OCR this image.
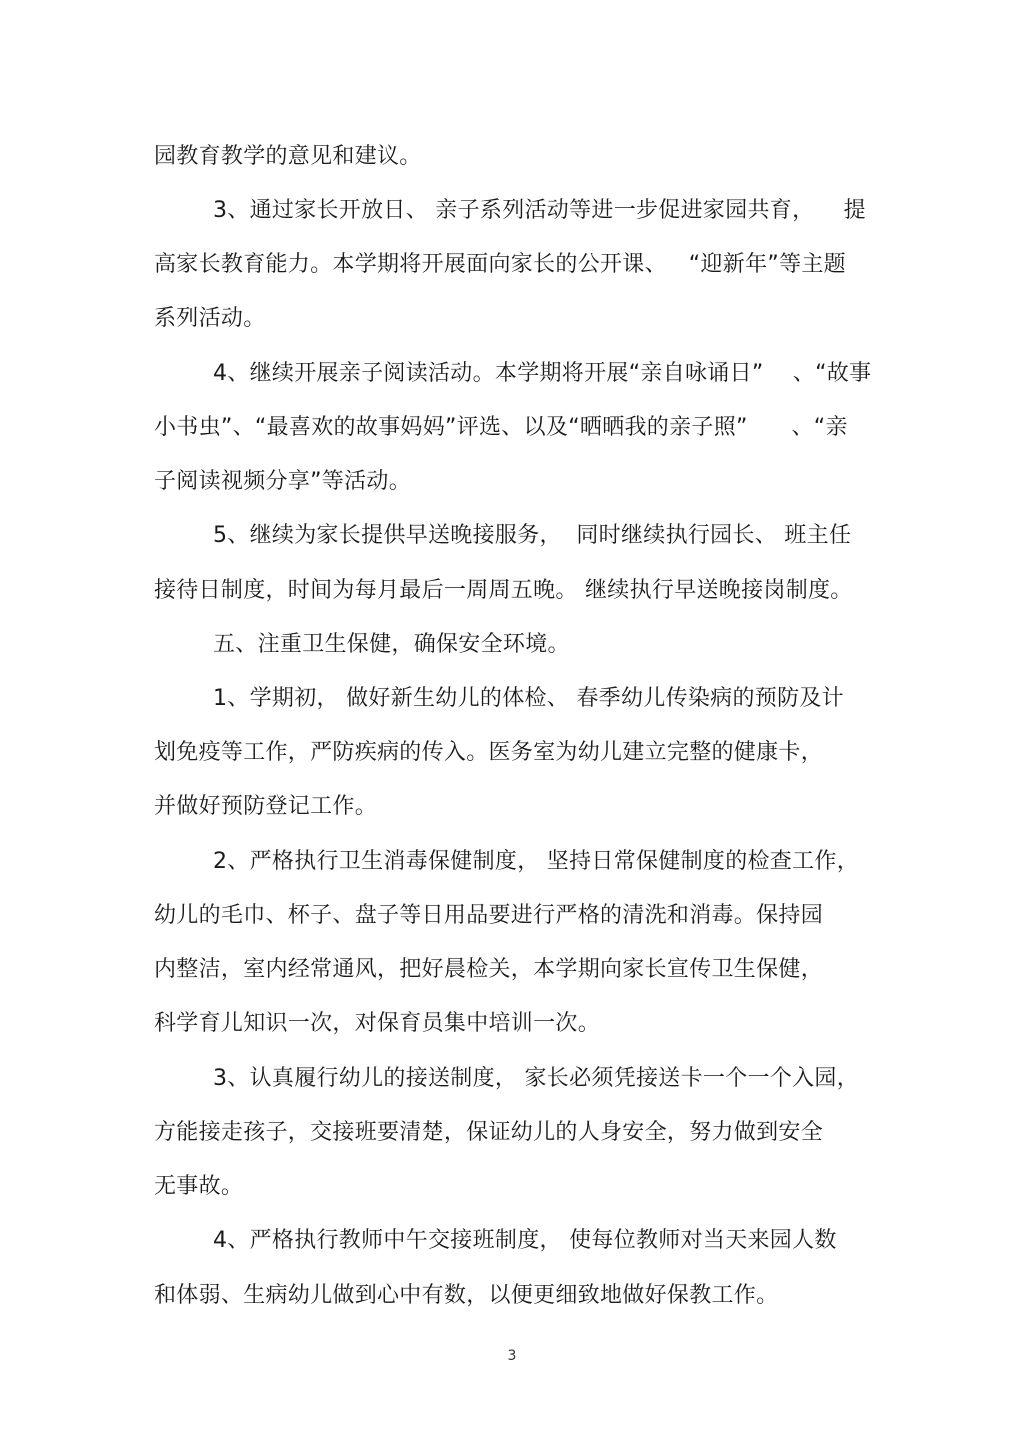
园教育教学的意见和建议。
3、通过家长开放日、 亲子系列活动等进一步促进家园共育，    提
高家长教育能力。本学期将开展面向家长的公开课、   “迎新年”等主题
系列活动。
4、继续开展亲子阅读活动。本学期将开展“亲自咏诵日”    、“故事
小书虫”、“最喜欢的故事妈妈”评选、以及“晒晒我的亲子照”      、“亲
子阅读视频分享”等活动。
5、继续为家长提供早送晚接服务，  同时继续执行园长、 班主任
接待日制度，时间为每月最后一周周五晚。 继续执行早送晚接岗制度。
五、注重卫生保健，确保安全环境。
1、学期初， 做好新生幼儿的体检、 春季幼儿传染病的预防及计
划免疫等工作，严防疾病的传入。医务室为幼儿建立完整的健康卡，
并做好预防登记工作。
2、严格执行卫生消毒保健制度， 坚持日常保健制度的检查工作，
幼儿的毛巾、杯子、盘子等日用品要进行严格的清洗和消毒。保持园
内整洁，室内经常通风，把好晨检关，本学期向家长宣传卫生保健，
科学育儿知识一次，对保育员集中培训一次。
3、认真履行幼儿的接送制度， 家长必须凭接送卡一个一个入园，
方能接走孩子，交接班要清楚，保证幼儿的人身安全，努力做到安全
无事故。
4、严格执行教师中午交接班制度， 使每位教师对当天来园人数
和体弱、生病幼儿做到心中有数，以便更细致地做好保教工作。
3
